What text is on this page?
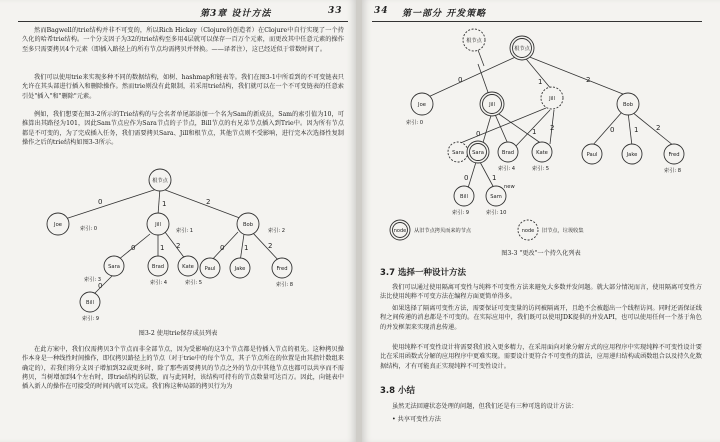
第3章 设计方法	33

然而Bagwell的trie结构并非不可变的，所以Rich Hickey（Clojure的创造者）在Clojure中自行实现了一个持久化的哈希trie结构。一个分支因子为32的trie结构至多用4层就可以保存一百万个元素，而更改其中任意元素的操作至多只需要拷贝4个元素（即插入路径上的所有节点均需拷贝并替换。——译者注），这已经近似于常数时间了。

我们可以使用trie来实现多种不同的数据结构，如树、hashmap和链表等。我们在图3-1中所看到的不可变链表只允许在其头部进行插入和删除操作。然而trie则没有此限制，若采用trie结构，我们就可以在一个不可变链表的任意索引处"插入"和"删除"元素。

例如，我们想要在图3-2所示的Trie结构的与会名者单尾部添加一个名为Sam的新成员，Sam的索引值为10，可推算出其路径为101，因此Sam节点应作为Sara节点的子节点，Bill节点的右兄弟节点插入到Trie中。因为所有节点都是不可变的，为了完成插入任务，我们需要拷贝Sara、Jill和根节点，其他节点则不受影响，进行完本次选择性复制操作之后的trie结构如图3-3所示。

0	1	2
0	1 2	0	1	2
0
根节点
Joe	Jill	Bob
Sara	Brad	Kate Paul	Jake	Fred
Bill
索引: 0	索引: 1	索引: 2
索引: 3	索引: 4	索引: 5	索引: 8
索引: 9
图3-2 使用trie保存成员列表

在此方案中，我们仅需拷贝3个节点而非全部节点，因为受影响的这3个节点都是待插入节点的祖先。这种拷贝操作本身是一种线性时间操作，即仅拷贝路径上的节点（对于trie中的每个节点，其子节点所在的位置是由其指针数组来确定的），若我们将分支因子增加到32或更多时，除了那些需要拷贝的节点之外的节点中其他节点也都可以共享而不需拷贝，当树增加到4个左右时，即trie结构的层数，而与此同时，该结构可持有的节点数量可达百万。因此，向链表中插入新人的操作在可接受的时间内就可以完成。我们称这种局部的拷贝行为为

34 第一部分 开发策略
0	1	2
0	1 2	0	1	2
0	1
根节点
根节点
Joe	Jill
Jill
Bob
Sara Sara	Brad	Kate	Paul	Jake	Fred
Bill	Sam
new
索引: 0
索引: 4	索引: 5	索引: 8
索引: 9	索引: 10
node 从旧节点拷贝而来的节点	node 旧节点，垃圾收集
图3-3 "更改"一个持久化列表
3.7 选择一种设计方法

我们可以通过使用隔离可变性与纯粹不可变性方法来避免大多数并发问题。就大部分情况而言，使用隔离可变性方法比使用纯粹不可变方法在编程方面更简单得多。

如果选择了隔离可变性方法，需要保证可变变量的访问被隔离开，且绝不会被超出一个线程访问。同时还需保证线程之间传递的消息都是不可变的。在实际应用中，我们既可以使用JDK提供的并发API，也可以使用任何一个基于角色的并发框架来实现消息传递。

使用纯粹不可变性设计将需要我们投入更多精力，在采用面向对象分解方式的应用程序中实现纯粹不可变性设计要比在采用函数式分解的应用程序中更难实现。需要设计更符合不可变性的算法，应用递归结构或函数组合以及持久化数据结构，才有可能真正实现纯粹不可变性设计。

3.8 小结

虽然无法回避状态处理的问题，但我们还是有三种可选的设计方法：

• 共享可变性方法
